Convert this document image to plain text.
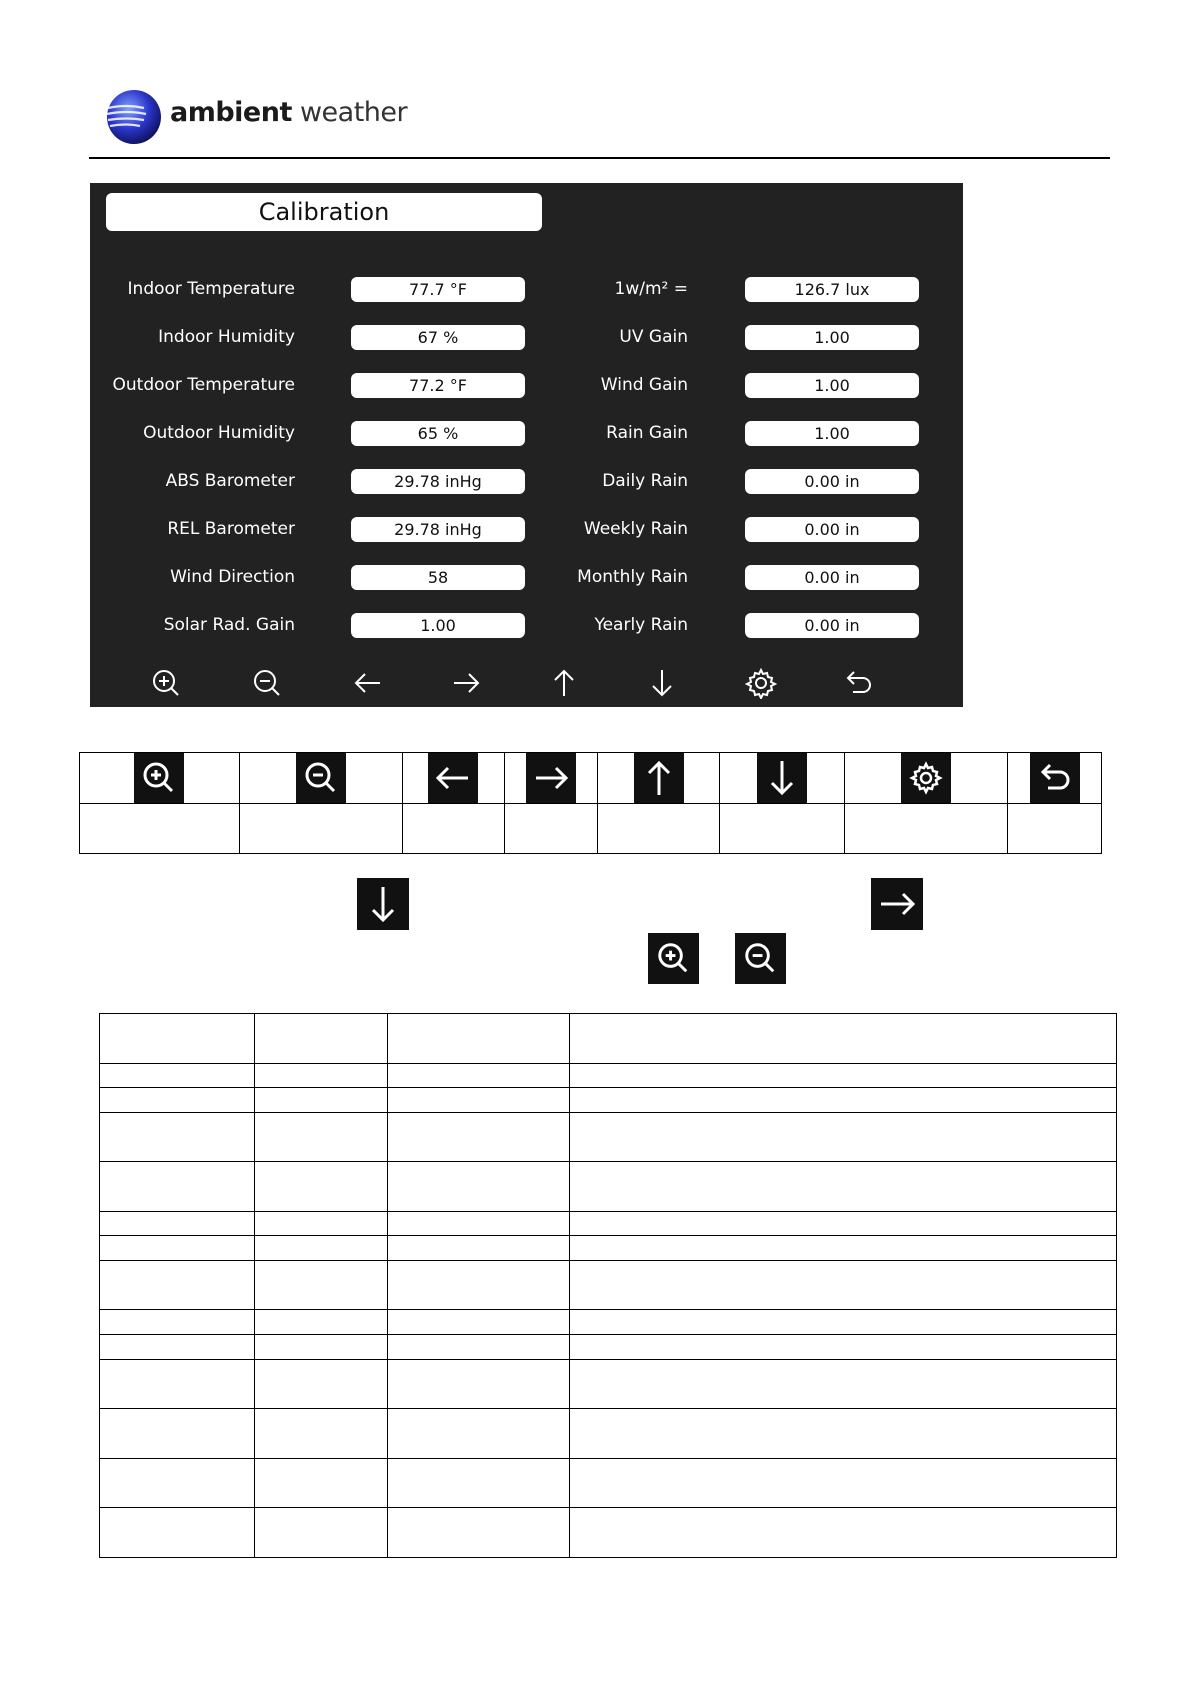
ambient weather
Calibration
Indoor Temperature	77.7 °F
Indoor Humidity	67 %
Outdoor Temperature	77.2 °F
Outdoor Humidity	65 %
ABS Barometer	29.78 inHg
REL Barometer	29.78 inHg
Wind Direction	58
Solar Rad. Gain	1.00
1w/m² =	126.7 lux
UV Gain	1.00
Wind Gain	1.00
Rain Gain	1.00
Daily Rain	0.00 in
Weekly Rain	0.00 in
Monthly Rain	0.00 in
Yearly Rain	0.00 in
